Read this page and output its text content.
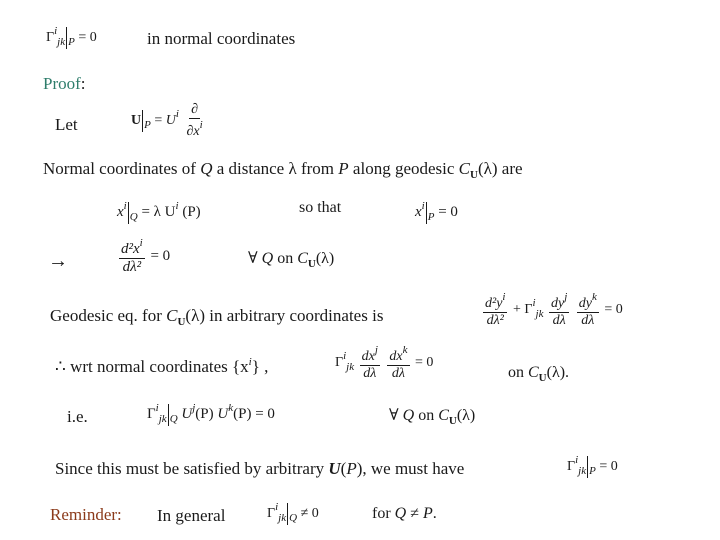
$\Gamma^i_{jk}$ $_P$ = 0	in normal coordinates
Proof:
Let	U $_P = U^i \frac{\partial}{\partial x^i}$
Normal coordinates of Q a distance λ from P along geodesic $C_U(\lambda)$ are
$x^i_Q = \lambda$ $U^i$ (P)	so that	$x^i_P = 0$
→	$\frac{d^2x^i}{\text{dλ²}} = 0$	∀ Q on $C_U(\lambda)$
Geodesic eq. for $C_U(\lambda)$ in arbitrary coordinates is	$\frac{d^2y^i}{\text{dλ²}} + \Gamma^i_{jk} \frac{dy^j}{d\lambda}$
$\frac{dy^k}{d\lambda} = 0$
∴ wrt normal coordinates $\{x^i\}$ ,	$\Gamma^i_{jk} \frac{dx^j}{d\lambda}$
$\frac{dx^k}{d\lambda} = 0$
on $C_U(\lambda)$.
i.e.	$\Gamma^i_{jk}$ $_Q$ $U^j(P) U^k(P) = 0$	∀ Q on $C_U(\lambda)$
Since this must be satisfied by arbitrary U(P), we must have	$\Gamma^i_{jk}$ $_P$ = 0
Reminder: In general	$\Gamma^i_{jk}$ $_Q$ ≠ 0	for Q ≠ P.
